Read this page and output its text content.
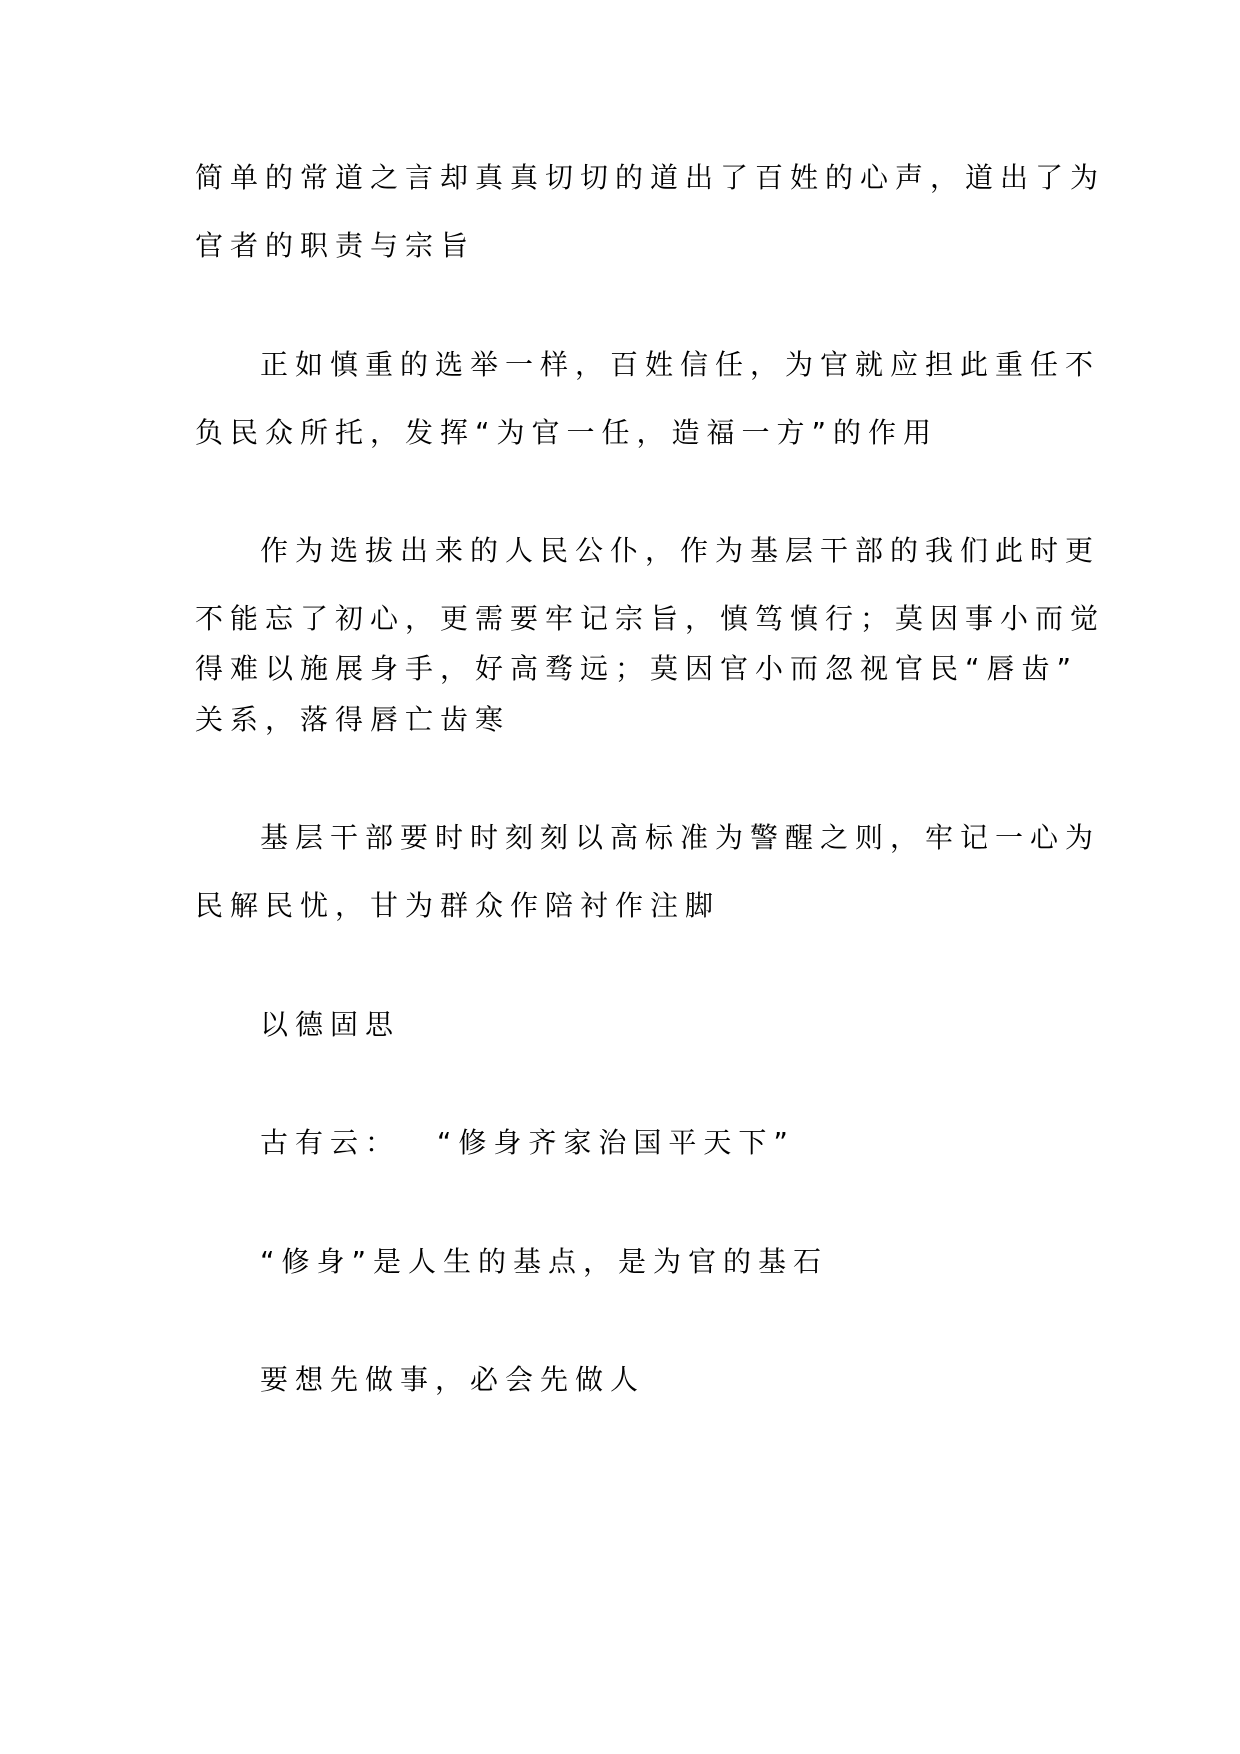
简单的常道之言却真真切切的道出了百姓的心声，道出了为

官者的职责与宗旨

正如慎重的选举一样，百姓信任，为官就应担此重任不

负民众所托，发挥“为官一任，造福一方”的作用

作为选拔出来的人民公仆，作为基层干部的我们此时更

不能忘了初心，更需要牢记宗旨，慎笃慎行；莫因事小而觉

得难以施展身手，好高骛远；莫因官小而忽视官民“唇齿”

关系，落得唇亡齿寒

基层干部要时时刻刻以高标准为警醒之则，牢记一心为

民解民忧，甘为群众作陪衬作注脚

以德固思

古有云：　 “修身齐家治国平天下”

“修身”是人生的基点，是为官的基石

要想先做事，必会先做人
